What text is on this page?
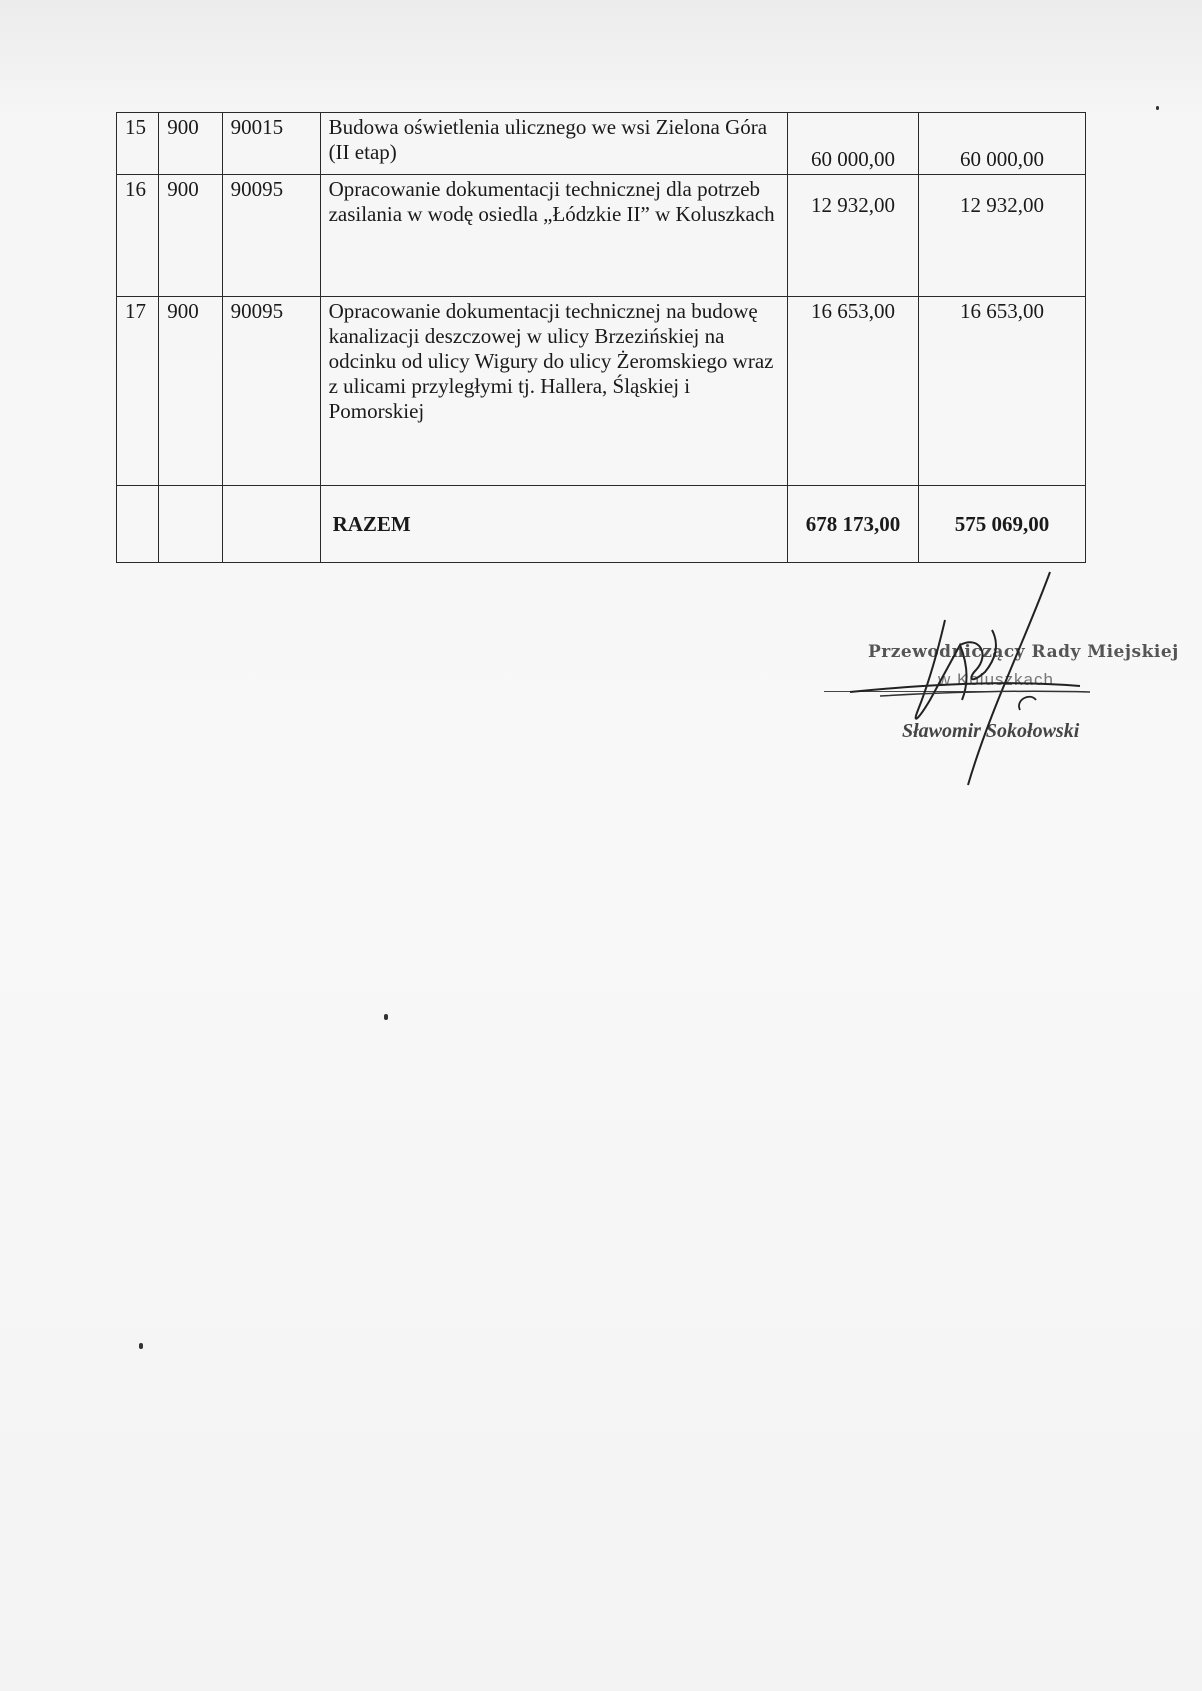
15	900	90015	Budowa oświetlenia ulicznego we wsi Zielona Góra (II etap)	60 000,00	60 000,00
16	900	90095	Opracowanie dokumentacji technicznej dla potrzeb zasilania w wodę osiedla „Łódzkie II” w Koluszkach	12 932,00	12 932,00
17	900	90095	Opracowanie dokumentacji technicznej na budowę kanalizacji deszczowej w ulicy Brzezińskiej na odcinku od ulicy Wigury do ulicy Żeromskiego wraz z ulicami przyległymi tj. Hallera, Śląskiej i Pomorskiej	16 653,00	16 653,00
			RAZEM	678 173,00	575 069,00
Przewodniczący Rady Miejskiej
w Koluszkach
Sławomir Sokołowski
